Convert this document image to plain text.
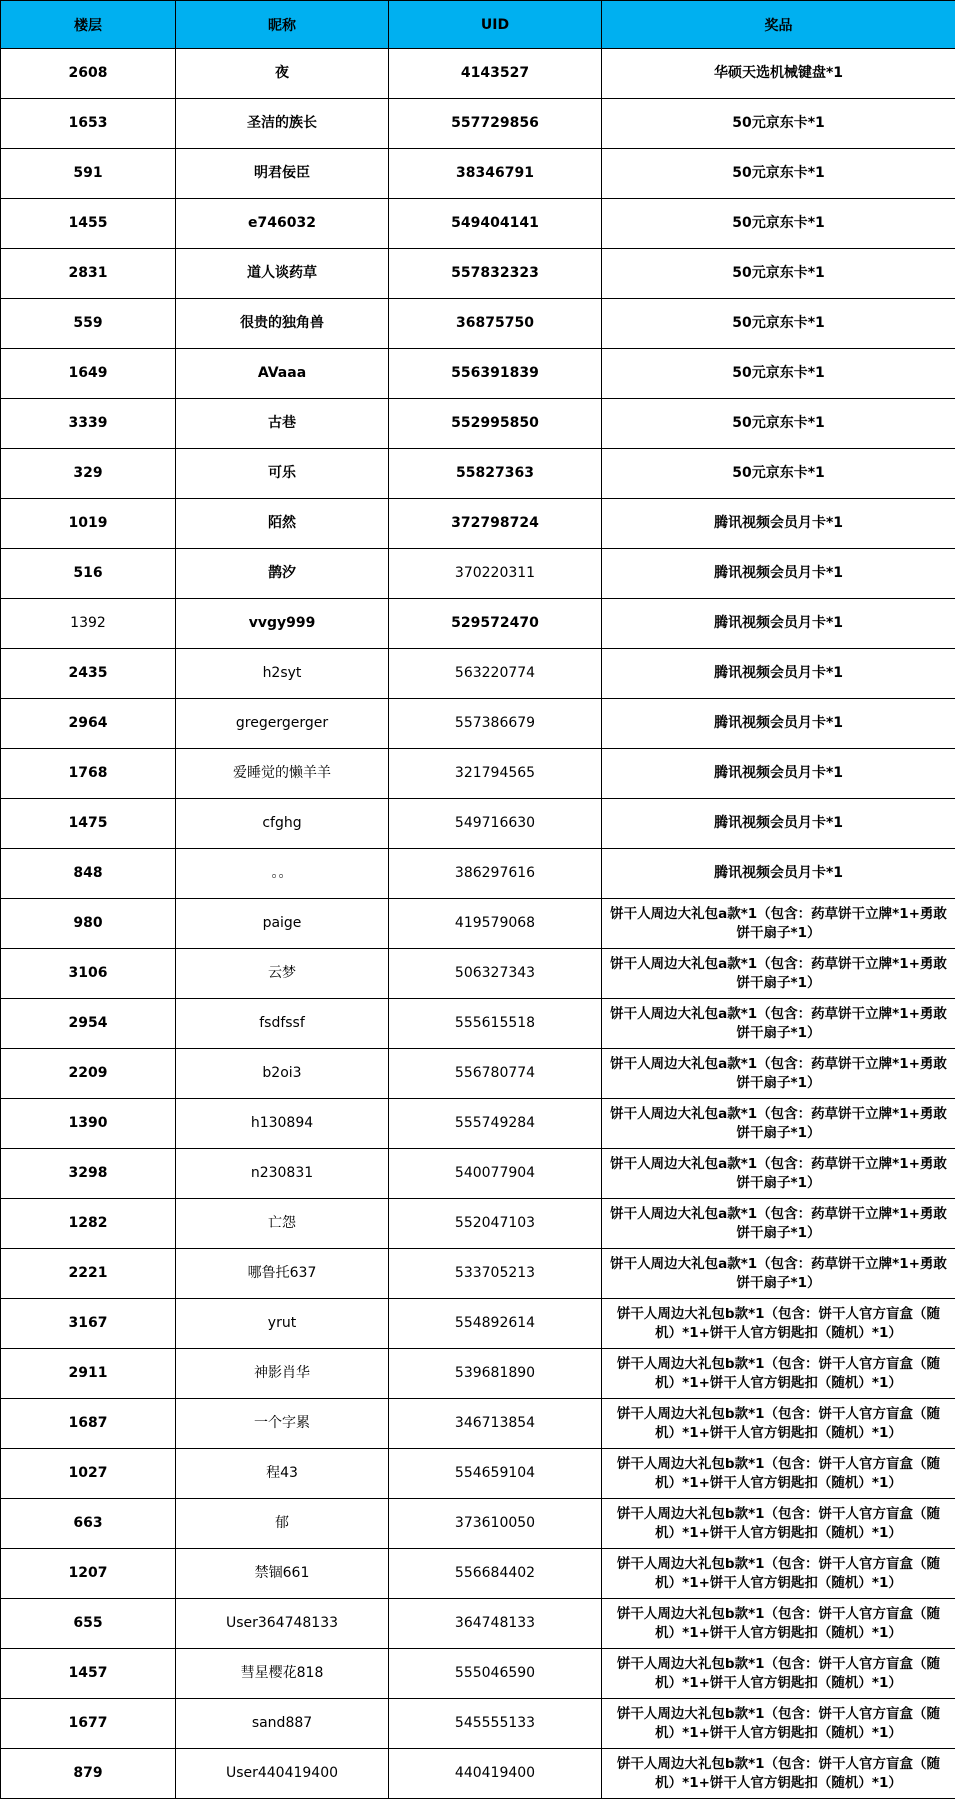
楼层	昵称	UID	奖品
2608	夜	4143527	华硕天选机械键盘*1
1653	圣洁的族长	557729856	50元京东卡*1
591	明君佞臣	38346791	50元京东卡*1
1455	e746032	549404141	50元京东卡*1
2831	道人谈药草	557832323	50元京东卡*1
559	很贵的独角兽	36875750	50元京东卡*1
1649	AVaaa	556391839	50元京东卡*1
3339	古巷	552995850	50元京东卡*1
329	可乐	55827363	50元京东卡*1
1019	陌然	372798724	腾讯视频会员月卡*1
516	鹊汐	370220311	腾讯视频会员月卡*1
1392	vvgy999	529572470	腾讯视频会员月卡*1
2435	h2syt	563220774	腾讯视频会员月卡*1
2964	gregergerger	557386679	腾讯视频会员月卡*1
1768	爱睡觉的懒羊羊	321794565	腾讯视频会员月卡*1
1475	cfghg	549716630	腾讯视频会员月卡*1
848	。。	386297616	腾讯视频会员月卡*1
980	paige	419579068	饼干人周边大礼包a款*1（包含：药草饼干立牌*1+勇敢饼干扇子*1）
3106	云梦	506327343	饼干人周边大礼包a款*1（包含：药草饼干立牌*1+勇敢饼干扇子*1）
2954	fsdfssf	555615518	饼干人周边大礼包a款*1（包含：药草饼干立牌*1+勇敢饼干扇子*1）
2209	b2oi3	556780774	饼干人周边大礼包a款*1（包含：药草饼干立牌*1+勇敢饼干扇子*1）
1390	h130894	555749284	饼干人周边大礼包a款*1（包含：药草饼干立牌*1+勇敢饼干扇子*1）
3298	n230831	540077904	饼干人周边大礼包a款*1（包含：药草饼干立牌*1+勇敢饼干扇子*1）
1282	亡怨	552047103	饼干人周边大礼包a款*1（包含：药草饼干立牌*1+勇敢饼干扇子*1）
2221	哪鲁托637	533705213	饼干人周边大礼包a款*1（包含：药草饼干立牌*1+勇敢饼干扇子*1）
3167	yrut	554892614	饼干人周边大礼包b款*1（包含：饼干人官方盲盒（随机）*1+饼干人官方钥匙扣（随机）*1）
2911	神影肖华	539681890	饼干人周边大礼包b款*1（包含：饼干人官方盲盒（随机）*1+饼干人官方钥匙扣（随机）*1）
1687	一个字累	346713854	饼干人周边大礼包b款*1（包含：饼干人官方盲盒（随机）*1+饼干人官方钥匙扣（随机）*1）
1027	程43	554659104	饼干人周边大礼包b款*1（包含：饼干人官方盲盒（随机）*1+饼干人官方钥匙扣（随机）*1）
663	郁	373610050	饼干人周边大礼包b款*1（包含：饼干人官方盲盒（随机）*1+饼干人官方钥匙扣（随机）*1）
1207	禁锢661	556684402	饼干人周边大礼包b款*1（包含：饼干人官方盲盒（随机）*1+饼干人官方钥匙扣（随机）*1）
655	User364748133	364748133	饼干人周边大礼包b款*1（包含：饼干人官方盲盒（随机）*1+饼干人官方钥匙扣（随机）*1）
1457	彗星樱花818	555046590	饼干人周边大礼包b款*1（包含：饼干人官方盲盒（随机）*1+饼干人官方钥匙扣（随机）*1）
1677	sand887	545555133	饼干人周边大礼包b款*1（包含：饼干人官方盲盒（随机）*1+饼干人官方钥匙扣（随机）*1）
879	User440419400	440419400	饼干人周边大礼包b款*1（包含：饼干人官方盲盒（随机）*1+饼干人官方钥匙扣（随机）*1）
